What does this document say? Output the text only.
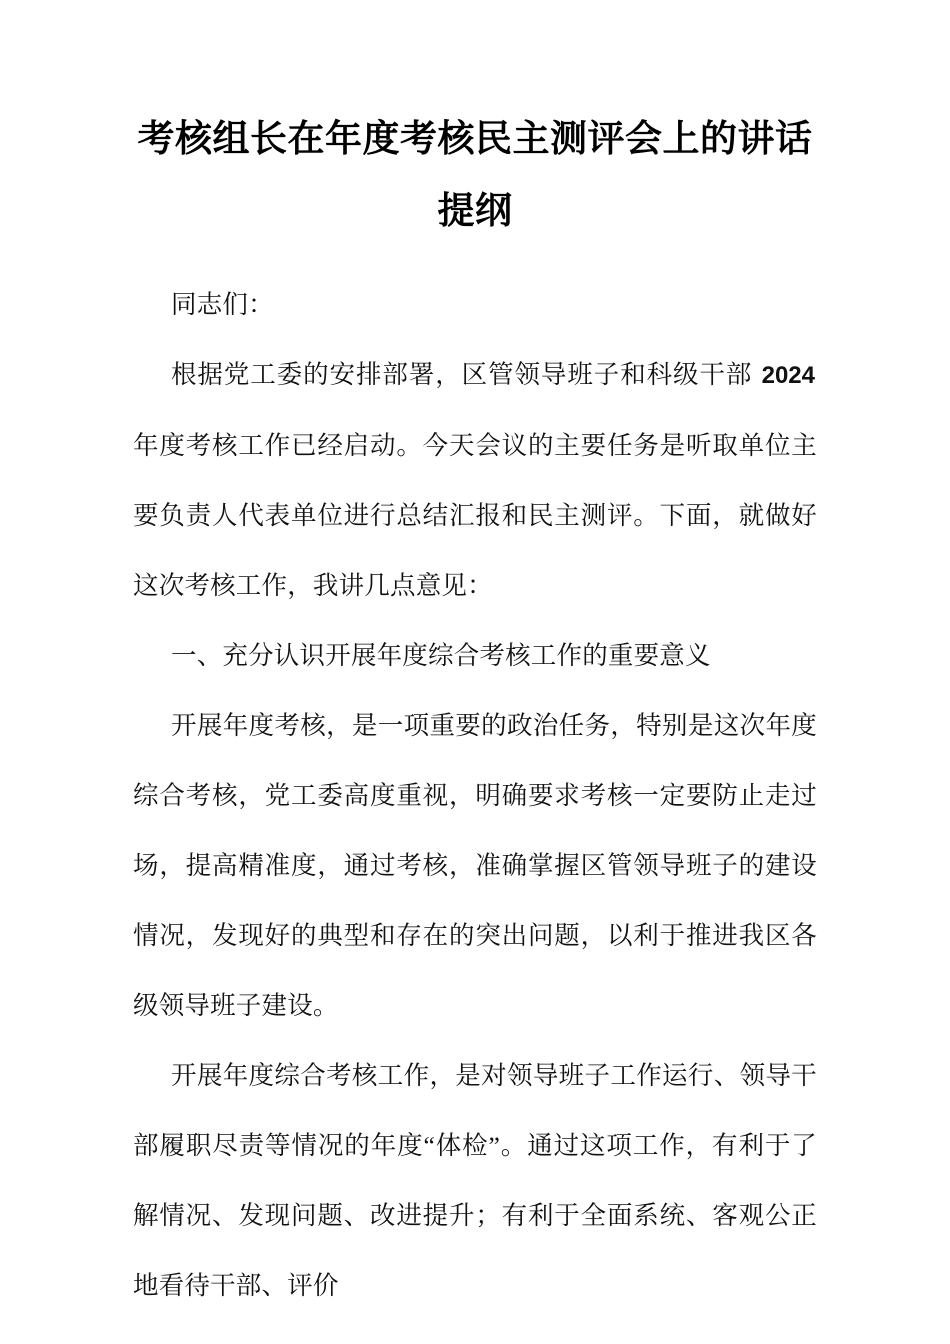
考核组长在年度考核民主测评会上的讲话
提纲

同志们：

根据党工委的安排部署，区管领导班子和科级干部 2024 年度考核工作已经启动。今天会议的主要任务是听取单位主要负责人代表单位进行总结汇报和民主测评。下面，就做好这次考核工作，我讲几点意见：

一、充分认识开展年度综合考核工作的重要意义

开展年度考核，是一项重要的政治任务，特别是这次年度综合考核，党工委高度重视，明确要求考核一定要防止走过场，提高精准度，通过考核，准确掌握区管领导班子的建设情况，发现好的典型和存在的突出问题，以利于推进我区各级领导班子建设。

开展年度综合考核工作，是对领导班子工作运行、领导干部履职尽责等情况的年度“体检”。通过这项工作，有利于了解情况、发现问题、改进提升；有利于全面系统、客观公正地看待干部、评价
